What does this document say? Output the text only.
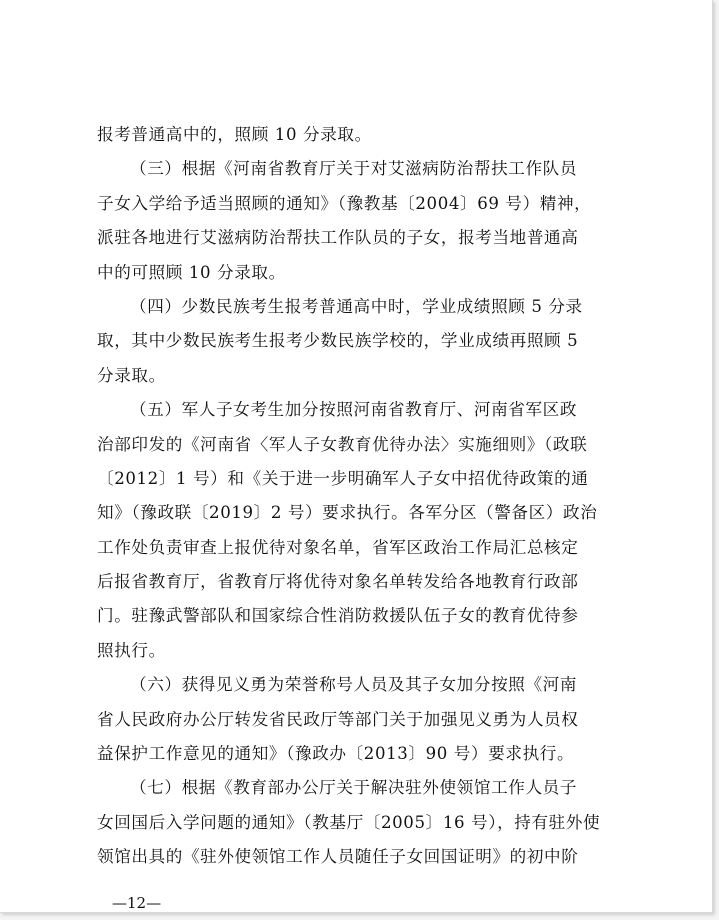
报考普通高中的，照顾 10 分录取。
（三）根据《河南省教育厅关于对艾滋病防治帮扶工作队员
子女入学给予适当照顾的通知》（豫教基〔2004〕69 号）精神，
派驻各地进行艾滋病防治帮扶工作队员的子女，报考当地普通高
中的可照顾 10 分录取。
（四）少数民族考生报考普通高中时，学业成绩照顾 5 分录
取，其中少数民族考生报考少数民族学校的，学业成绩再照顾 5
分录取。
（五）军人子女考生加分按照河南省教育厅、河南省军区政
治部印发的《河南省〈军人子女教育优待办法〉实施细则》（政联
〔2012〕1 号）和《关于进一步明确军人子女中招优待政策的通
知》（豫政联〔2019〕2 号）要求执行。各军分区（警备区）政治
工作处负责审查上报优待对象名单，省军区政治工作局汇总核定
后报省教育厅，省教育厅将优待对象名单转发给各地教育行政部
门。驻豫武警部队和国家综合性消防救援队伍子女的教育优待参
照执行。
（六）获得见义勇为荣誉称号人员及其子女加分按照《河南
省人民政府办公厅转发省民政厅等部门关于加强见义勇为人员权
益保护工作意见的通知》（豫政办〔2013〕90 号）要求执行。
（七）根据《教育部办公厅关于解决驻外使领馆工作人员子
女回国后入学问题的通知》（教基厅〔2005〕16 号），持有驻外使
领馆出具的《驻外使领馆工作人员随任子女回国证明》的初中阶
—12—
